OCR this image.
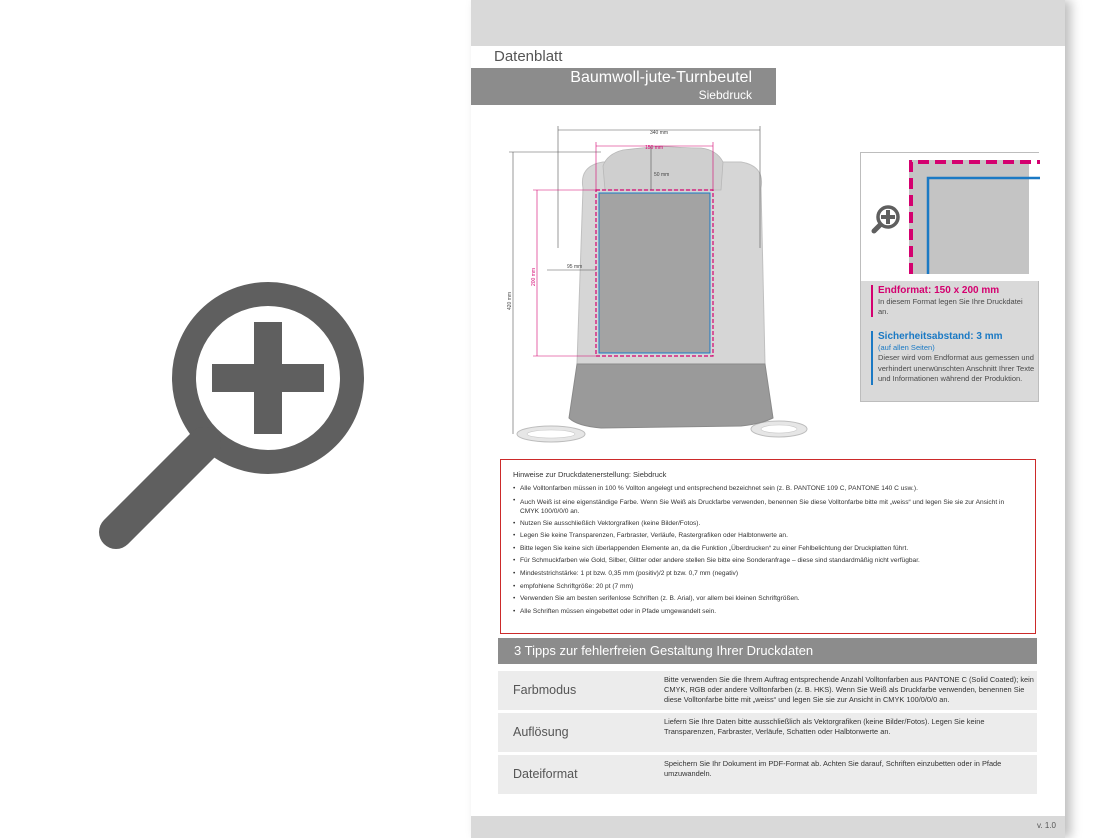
Datenblatt
Baumwoll-jute-Turnbeutel
Siebdruck
340 mm
150 mm
50 mm
95 mm
200 mm
420 mm
Endformat: 150 x 200 mm
In diesem Format legen Sie Ihre Druckdatei an.
Sicherheitsabstand: 3 mm
(auf allen Seiten)
Dieser wird vom Endformat aus gemessen und verhindert unerwünschten Anschnitt Ihrer Texte und Informationen während der Produktion.
Hinweise zur Druckdatenerstellung: Siebdruck
• Alle Volltonfarben müssen in 100 % Vollton angelegt und entsprechend bezeichnet sein (z. B. PANTONE 109 C, PANTONE 140 C usw.).
• Auch Weiß ist eine eigenständige Farbe. Wenn Sie Weiß als Druckfarbe verwenden, benennen Sie diese Volltonfarbe bitte mit „weiss“ und legen Sie sie zur Ansicht in CMYK 100/0/0/0 an.
• Nutzen Sie ausschließlich Vektorgrafiken (keine Bilder/Fotos).
• Legen Sie keine Transparenzen, Farbraster, Verläufe, Rastergrafiken oder Halbtonwerte an.
• Bitte legen Sie keine sich überlappenden Elemente an, da die Funktion „Überdrucken“ zu einer Fehlbelichtung der Druckplatten führt.
• Für Schmuckfarben wie Gold, Silber, Glitter oder andere stellen Sie bitte eine Sonderanfrage – diese sind standardmäßig nicht verfügbar.
• Mindeststrichstärke: 1 pt bzw. 0,35 mm (positiv)/2 pt bzw. 0,7 mm (negativ)
• empfohlene Schriftgröße: 20 pt (7 mm)
• Verwenden Sie am besten serifenlose Schriften (z. B. Arial), vor allem bei kleinen Schriftgrößen.
• Alle Schriften müssen eingebettet oder in Pfade umgewandelt sein.
3 Tipps zur fehlerfreien Gestaltung Ihrer Druckdaten
Farbmodus
Bitte verwenden Sie die Ihrem Auftrag entsprechende Anzahl Volltonfarben aus PANTONE C (Solid Coated); kein CMYK, RGB oder andere Volltonfarben (z. B. HKS). Wenn Sie Weiß als Druckfarbe verwenden, benennen Sie diese Volltonfarbe bitte mit „weiss“ und legen Sie sie zur Ansicht in CMYK 100/0/0/0 an.
Auflösung
Liefern Sie Ihre Daten bitte ausschließlich als Vektorgrafiken (keine Bilder/Fotos). Legen Sie keine Transparenzen, Farbraster, Verläufe, Schatten oder Halbtonwerte an.
Dateiformat
Speichern Sie Ihr Dokument im PDF-Format ab. Achten Sie darauf, Schriften einzubetten oder in Pfade umzuwandeln.
v. 1.0
